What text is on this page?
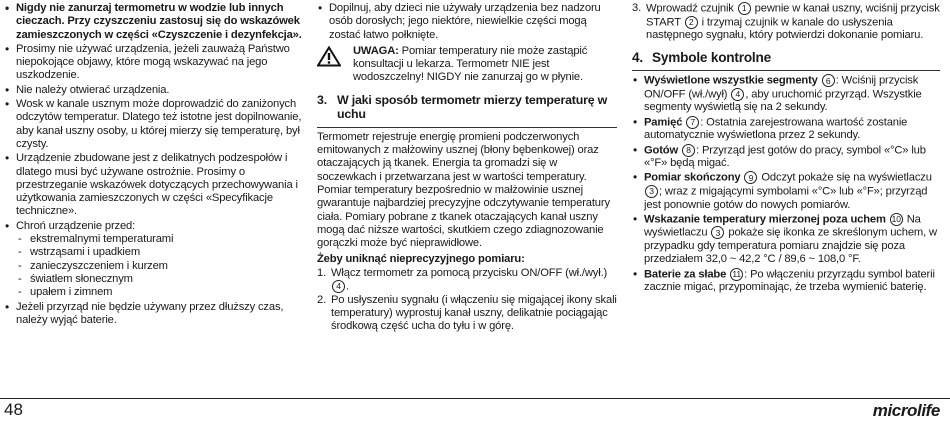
• Nigdy nie zanurzaj termometru w wodzie lub innych cieczach. Przy czyszczeniu zastosuj się do wskazówek zamieszczonych w części «Czyszczenie i dezynfekcja».
• Prosimy nie używać urządzenia, jeżeli zauważą Państwo niepokojące objawy, które mogą wskazywać na jego uszkodzenie.
• Nie należy otwierać urządzenia.
• Wosk w kanale usznym może doprowadzić do zaniżonych odczytów temperatur. Dlatego też istotne jest dopilnowanie, aby kanał uszny osoby, u której mierzy się temperaturę, był czysty.
• Urządzenie zbudowane jest z delikatnych podzespołów i dlatego musi być używane ostrożnie. Prosimy o przestrzeganie wskazówek dotyczących przechowywania i użytkowania zamieszczonych w części «Specyfikacje techniczne».
• Chroń urządzenie przed:
- ekstremalnymi temperaturami
- wstrząsami i upadkiem
- zanieczyszczeniem i kurzem
- światłem słonecznym
- upałem i zimnem
• Jeżeli przyrząd nie będzie używany przez dłuższy czas, należy wyjąć baterie.
• Dopilnuj, aby dzieci nie używały urządzenia bez nadzoru osób dorosłych; jego niektóre, niewielkie części mogą zostać łatwo połknięte.
UWAGA: Pomiar temperatury nie może zastąpić konsultacji u lekarza. Termometr NIE jest wodoszczelny! NIGDY nie zanurzaj go w płynie.
3. W jaki sposób termometr mierzy temperaturę w uchu

Termometr rejestruje energię promieni podczerwonych emitowanych z małżowiny usznej (błony bębenkowej) oraz otaczających ją tkanek. Energia ta gromadzi się w soczewkach i przetwarzana jest w wartości temperatury. Pomiar temperatury bezpośrednio w małżowinie usznej gwarantuje najbardziej precyzyjne odczytywanie temperatury ciała. Pomiary pobrane z tkanek otaczających kanał uszny mogą dać niższe wartości, skutkiem czego zdiagnozowanie gorączki może być nieprawidłowe.

Żeby uniknąć nieprecyzyjnego pomiaru:

1. Włącz termometr za pomocą przycisku ON/OFF (wł./wył.) 4 .
2. Po usłyszeniu sygnału (i włączeniu się migającej ikony skali temperatury) wyprostuj kanał uszny, delikatnie pociągając środkową część ucha do tyłu i w górę.
3. Wprowadź czujnik 1 pewnie w kanał uszny, wciśnij przycisk START 2 i trzymaj czujnik w kanale do usłyszenia następnego sygnału, który potwierdzi dokonanie pomiaru.
4. Symbole kontrolne
• Wyświetlone wszystkie segmenty 6 : Wciśnij przycisk ON/OFF (wł./wył) 4 , aby uruchomić przyrząd. Wszystkie segmenty wyświetlą się na 2 sekundy.
• Pamięć 7 : Ostatnia zarejestrowana wartość zostanie automatycznie wyświetlona przez 2 sekundy.
• Gotów 8 : Przyrząd jest gotów do pracy, symbol «°C» lub «°F» będą migać.
• Pomiar skończony 9 Odczyt pokaże się na wyświetlaczu 3 ; wraz z migającymi symbolami «°C» lub «°F»; przyrząd jest ponownie gotów do nowych pomiarów.
• Wskazanie temperatury mierzonej poza uchem 10 Na wyświetlaczu 3 pokaże się ikonka ze skreślonym uchem, w przypadku gdy temperatura pomiaru znajdzie się poza przedziałem 32,0 ~ 42,2 °C / 89,6 ~ 108,0 °F.
• Baterie za słabe 11 : Po włączeniu przyrządu symbol baterii zacznie migać, przypominając, że trzeba wymienić baterię.
48	microlife
